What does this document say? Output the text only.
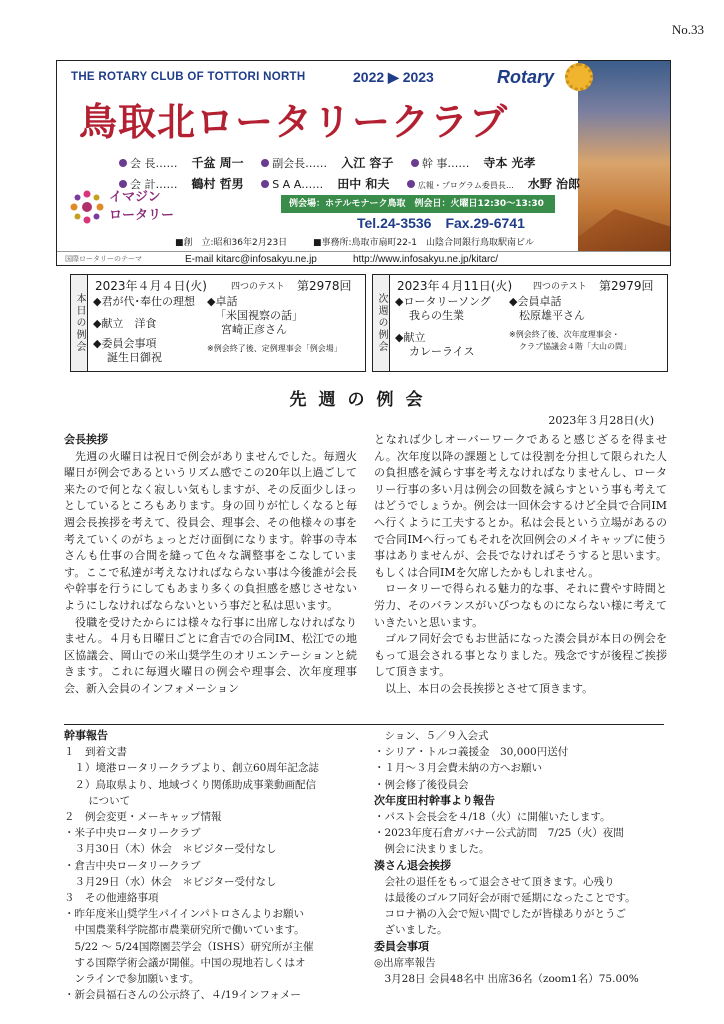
No.33
THE ROTARY CLUB OF TOTTORI NORTH	2022 ▶ 2023	Rotary
鳥取北ロータリークラブ
会 長…… 千盆 周一	副会長…… 入江 容子	幹 事…… 寺本 光孝
会 計…… 鶴村 哲男	S A A…… 田中 和夫	広報・プログラム委員長… 水野 治郎
イマジン
ロータリー
例会場：ホテルモナーク鳥取　例会日：火曜日12:30～13:30
Tel.24-3536　 Fax.29-6741
■創　立:昭和36年2月23日	■事務所:鳥取市扇町22-1　山陰合同銀行鳥取駅南ビル
国際ロータリーのテーマ	E-mail kitarc@infosakyu.ne.jp	http://www.infosakyu.ne.jp/kitarc/
本日の例会
2023年４月４日(火)	四つのテスト 第2978回
◆君が代･奉仕の理想
◆献立　洋食
◆委員会事項
誕生日御祝
◆卓話
「米国視察の話」
宮崎正彦さん
※例会終了後、定例理事会「例会場」	次週の例会
2023年４月11日(火) 四つのテスト 第2979回
◆ロータリーソング
我らの生業
◆献立
カレーライス
◆会員卓話
松原雄平さん
※例会終了後、次年度理事会・
クラブ協議会４階「大山の間」
先週の例会
2023年３月28日(火)
会長挨拶

先週の火曜日は祝日で例会がありませんでした。毎週火曜日が例会であるというリズム感でこの20年以上過ごして来たので何となく寂しい気もしますが、その反面少しほっとしているところもあります。身の回りが忙しくなると毎週会長挨拶を考えて、役員会、理事会、その他様々の事を考えていくのがちょっとだけ面倒になります。幹事の寺本さんも仕事の合間を縫って色々な調整事をこなしています。ここで私達が考えなければならない事は今後誰が会長や幹事を行うにしてもあまり多くの負担感を感じさせないようにしなければならないという事だと私は思います。

役職を受けたからには様々な行事に出席しなければなりません。４月も日曜日ごとに倉吉での合同IM、松江での地区協議会、岡山での米山奨学生のオリエンテーションと続きます。これに毎週火曜日の例会や理事会、次年度理事会、新入会員のインフォメーション

となれば少しオーバーワークであると感じざるを得ません。次年度以降の課題としては役割を分担して限られた人の負担感を減らす事を考えなければなりませんし、ロータリー行事の多い月は例会の回数を減らすという事も考えてはどうでしょうか。例会は一回休会するけど全員で合同IMへ行くように工夫するとか。私は会長という立場があるので合同IMへ行ってもそれを次回例会のメイキャップに使う事はありませんが、会長でなければそうすると思います。もしくは合同IMを欠席したかもしれません。

ロータリーで得られる魅力的な事、それに費やす時間と労力、そのバランスがいびつなものにならない様に考えていきたいと思います。

ゴルフ同好会でもお世話になった湊会員が本日の例会をもって退会される事となりました。残念ですが後程ご挨拶して頂きます。

以上、本日の会長挨拶とさせて頂きます。

幹事報告
１　到着文書
　１）境港ロータリークラブより、創立60周年記念誌
　２）鳥取県より、地域づくり関係助成事業動画配信
　　 について
２　例会変更・メーキャップ情報
・米子中央ロータリークラブ
　３月30日（木）休会　＊ビジター受付なし
・倉吉中央ロータリークラブ
　３月29日（水）休会　＊ビジター受付なし
３　その他連絡事項
・昨年度米山奨学生パイインパトロさんよりお願い
　中国農業科学院都市農業研究所で働いています。
　5/22 ～ 5/24国際園芸学会（ISHS）研究所が主催
　する国際学術会議が開催。中国の現地若しくはオ
　ンラインで参加願います。
・新会員福石さんの公示終了、４/19インフォメー
　ション、５／９入会式
・シリア・トルコ義援金　30,000円送付
・１月～３月会費未納の方へお願い
・例会修了後役員会
次年度田村幹事より報告
・パスト会長会を４/18（火）に開催いたします。
・2023年度石倉ガバナー公式訪問　7/25（火）夜間
　例会に決まりました。
湊さん退会挨拶
　会社の退任をもって退会させて頂きます。心残り
　は最後のゴルフ同好会が雨で延期になったことです。
　コロナ禍の入会で短い間でしたが皆様ありがとうご
　ざいました。
委員会事項
◎出席率報告
　3月28日 会員48名中 出席36名（zoom1名）75.00%
